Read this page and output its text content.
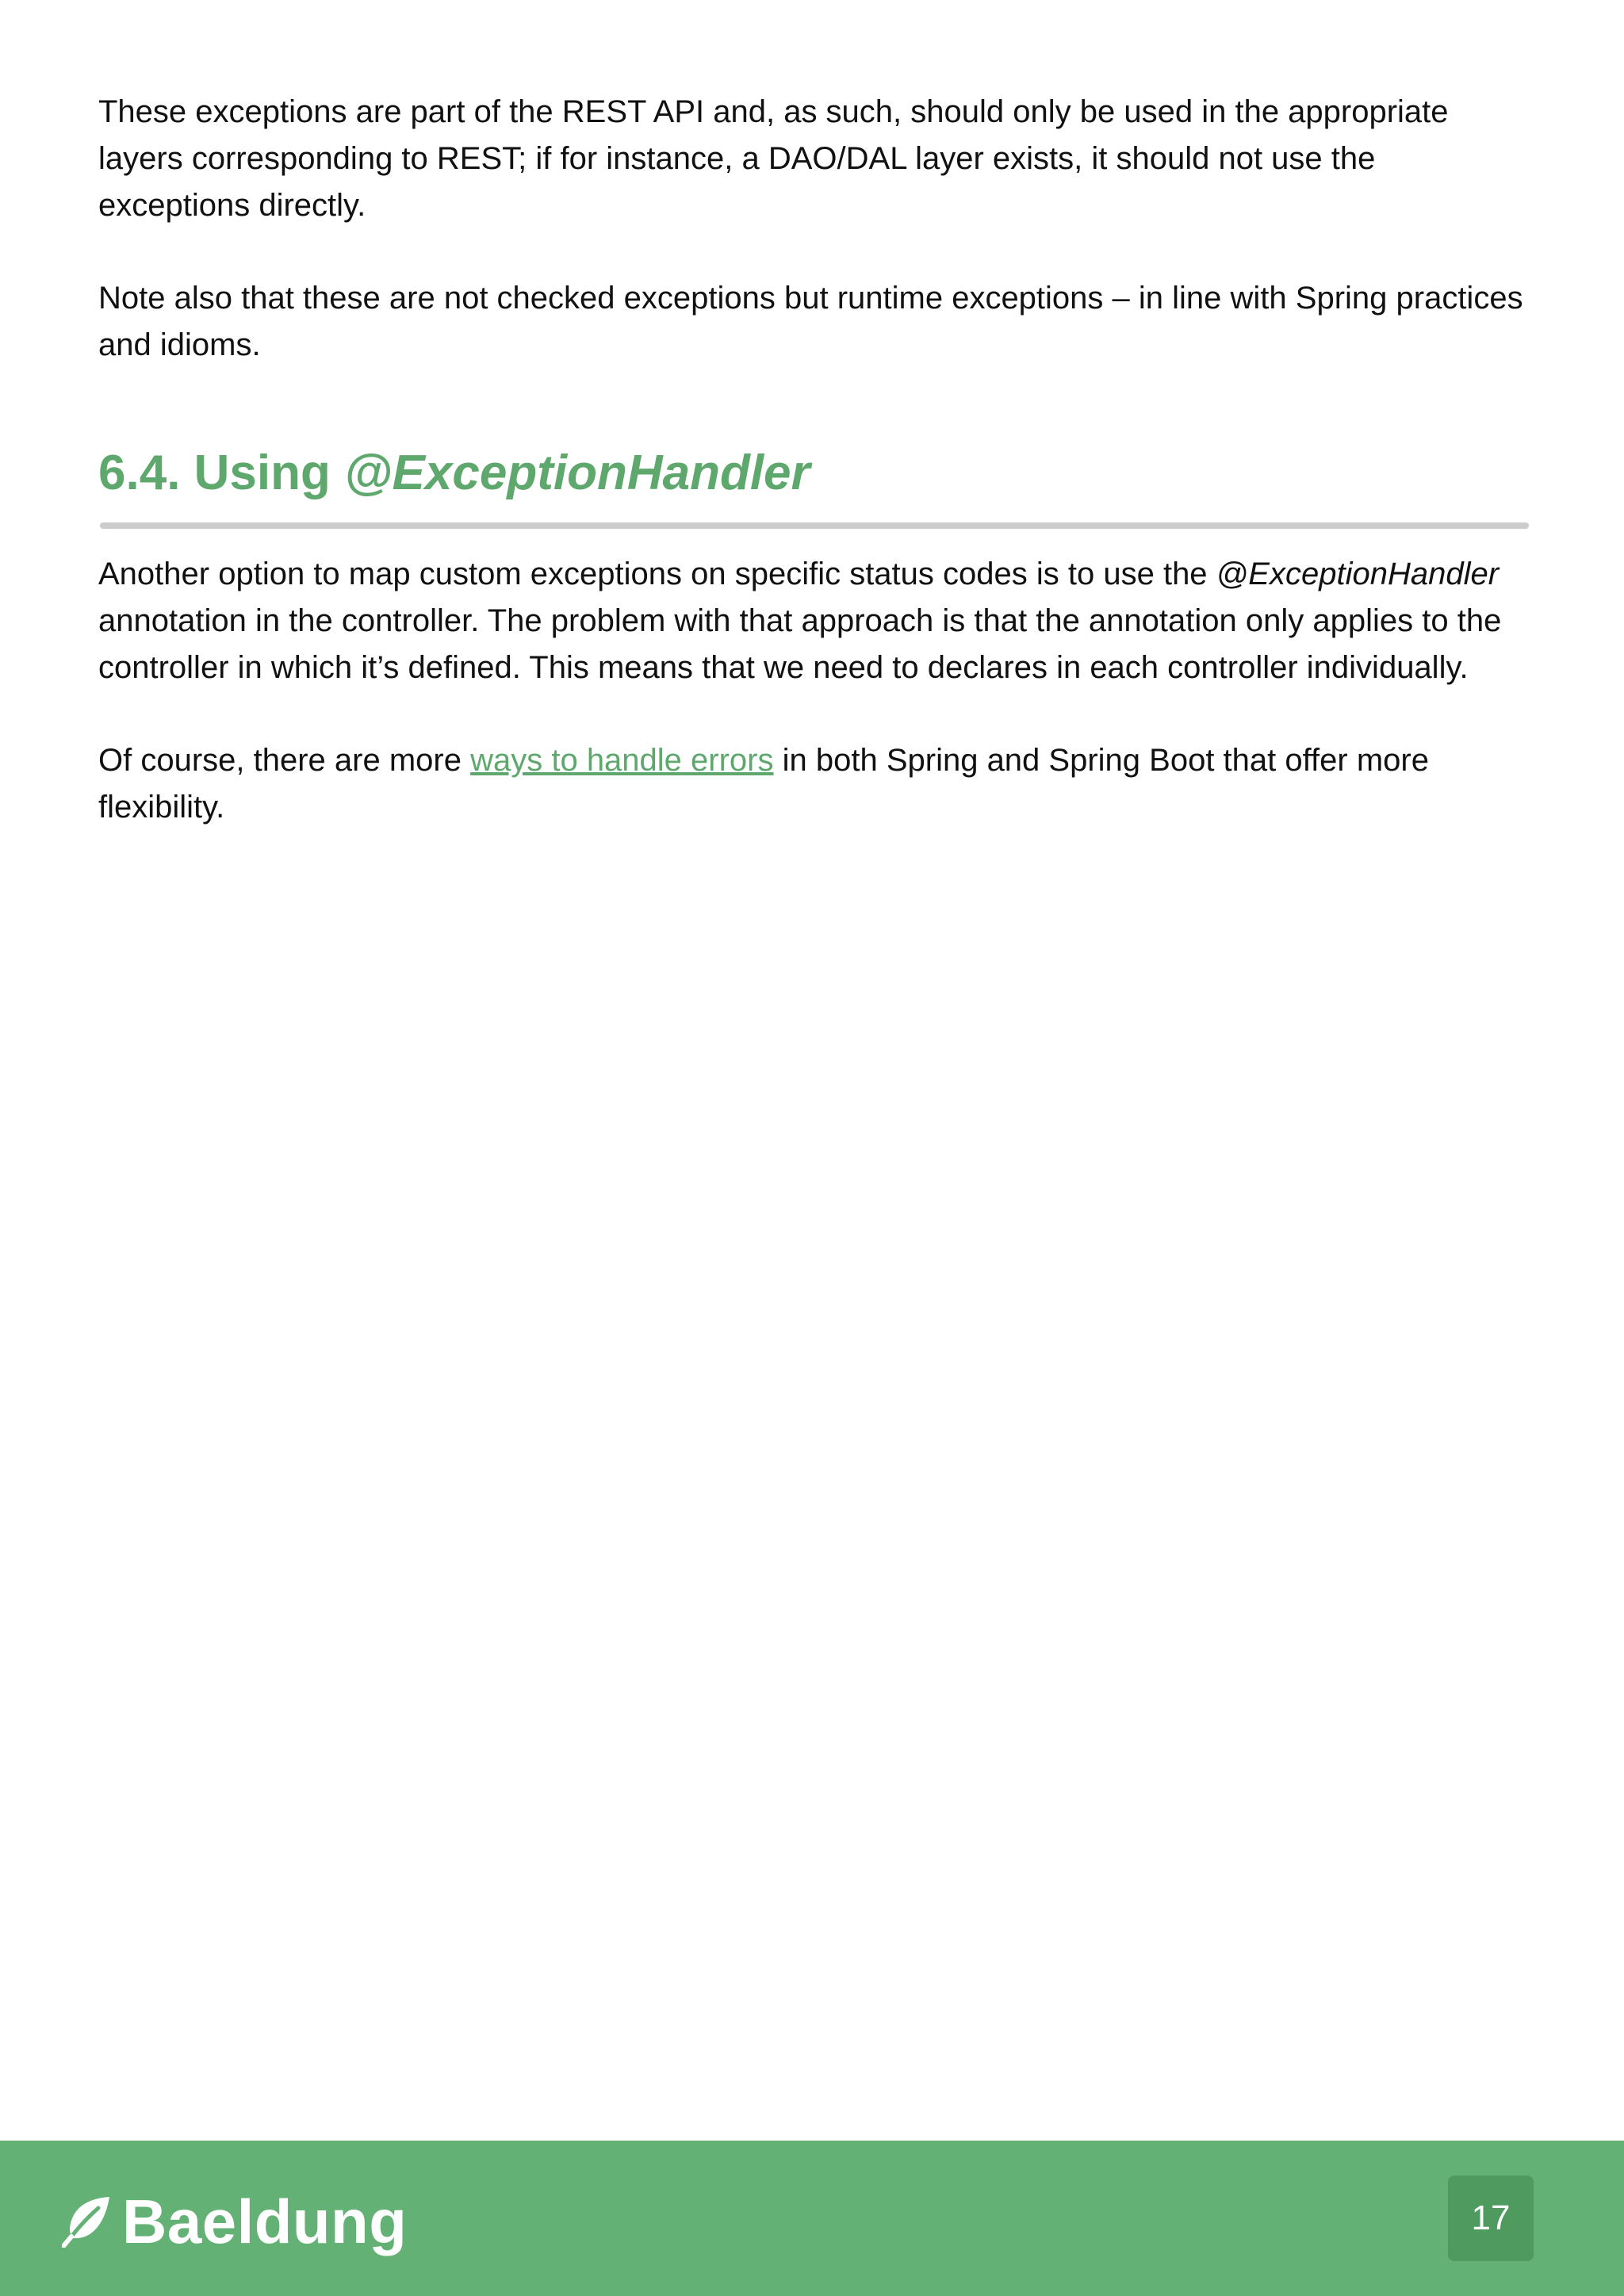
These exceptions are part of the REST API and, as such, should only be used in the appropriate layers corresponding to REST; if for instance, a DAO/DAL layer exists, it should not use the exceptions directly.

Note also that these are not checked exceptions but runtime exceptions – in line with Spring practices and idioms.

6.4. Using @ExceptionHandler

Another option to map custom exceptions on specific status codes is to use the @ExceptionHandler annotation in the controller. The problem with that approach is that the annotation only applies to the controller in which it’s defined. This means that we need to declares in each controller individually.

Of course, there are more ways to handle errors in both Spring and Spring Boot that offer more flexibility.

Baeldung	17
